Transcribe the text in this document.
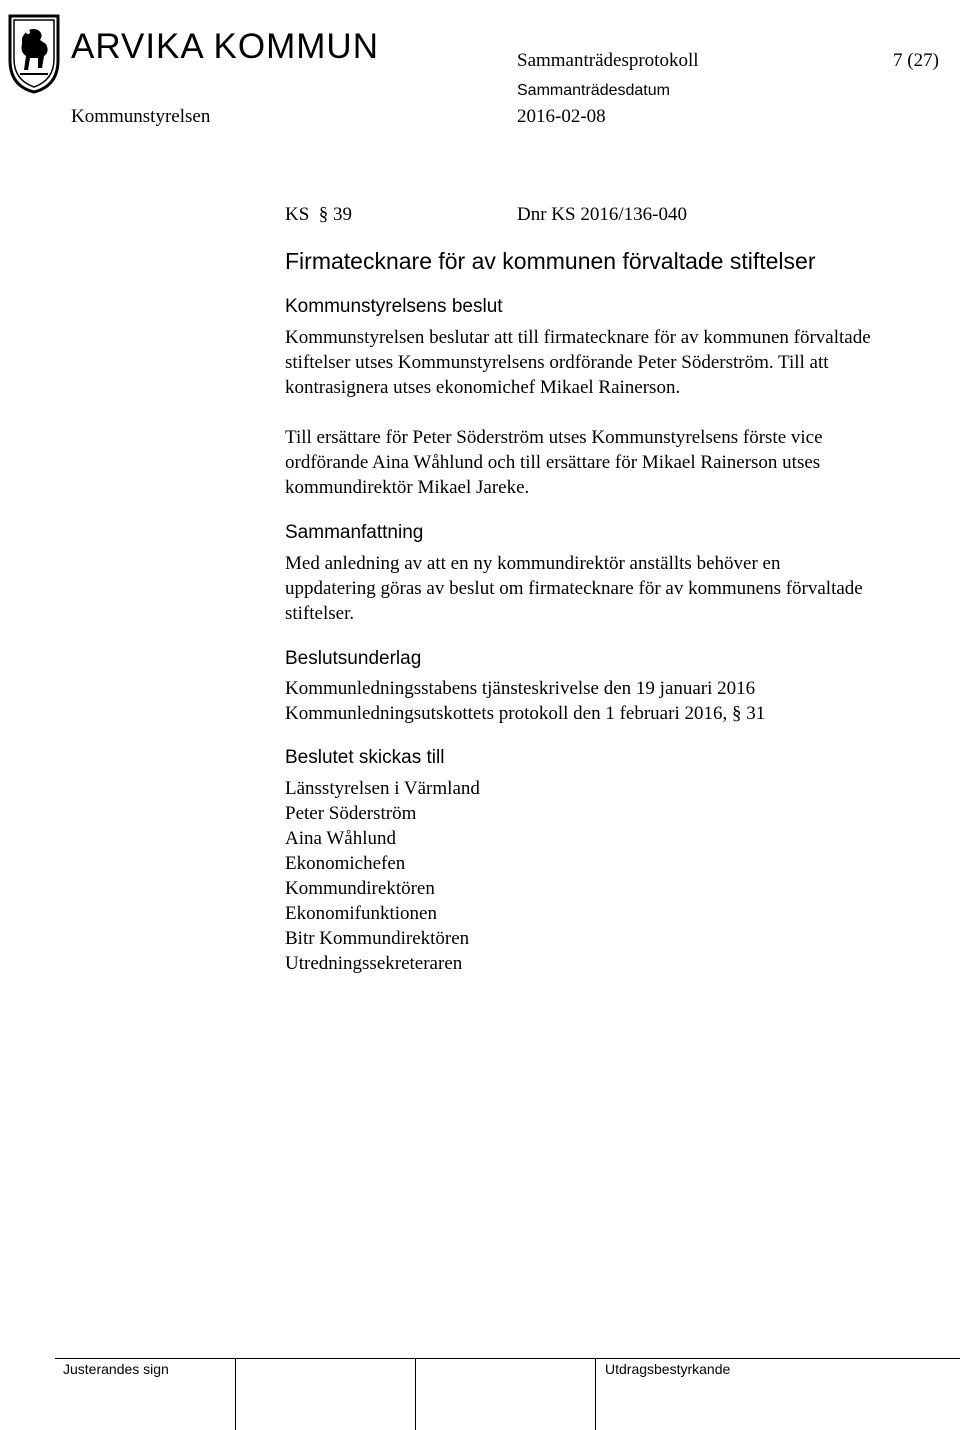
ARVIKA KOMMUN	Sammanträdesprotokoll	7 (27)
Sammanträdesdatum
Kommunstyrelsen	2016-02-08
KS § 39	Dnr KS 2016/136-040
Firmatecknare för av kommunen förvaltade stiftelser
Kommunstyrelsens beslut
Kommunstyrelsen beslutar att till firmatecknare för av kommunen förvaltade
stiftelser utses Kommunstyrelsens ordförande Peter Söderström. Till att
kontrasignera utses ekonomichef Mikael Rainerson.
Till ersättare för Peter Söderström utses Kommunstyrelsens förste vice
ordförande Aina Wåhlund och till ersättare för Mikael Rainerson utses
kommundirektör Mikael Jareke.
Sammanfattning
Med anledning av att en ny kommundirektör anställts behöver en
uppdatering göras av beslut om firmatecknare för av kommunens förvaltade
stiftelser.
Beslutsunderlag
Kommunledningsstabens tjänsteskrivelse den 19 januari 2016
Kommunledningsutskottets protokoll den 1 februari 2016, § 31
Beslutet skickas till
Länsstyrelsen i Värmland
Peter Söderström
Aina Wåhlund
Ekonomichefen
Kommundirektören
Ekonomifunktionen
Bitr Kommundirektören
Utredningssekreteraren
Justerandes sign	Utdragsbestyrkande
